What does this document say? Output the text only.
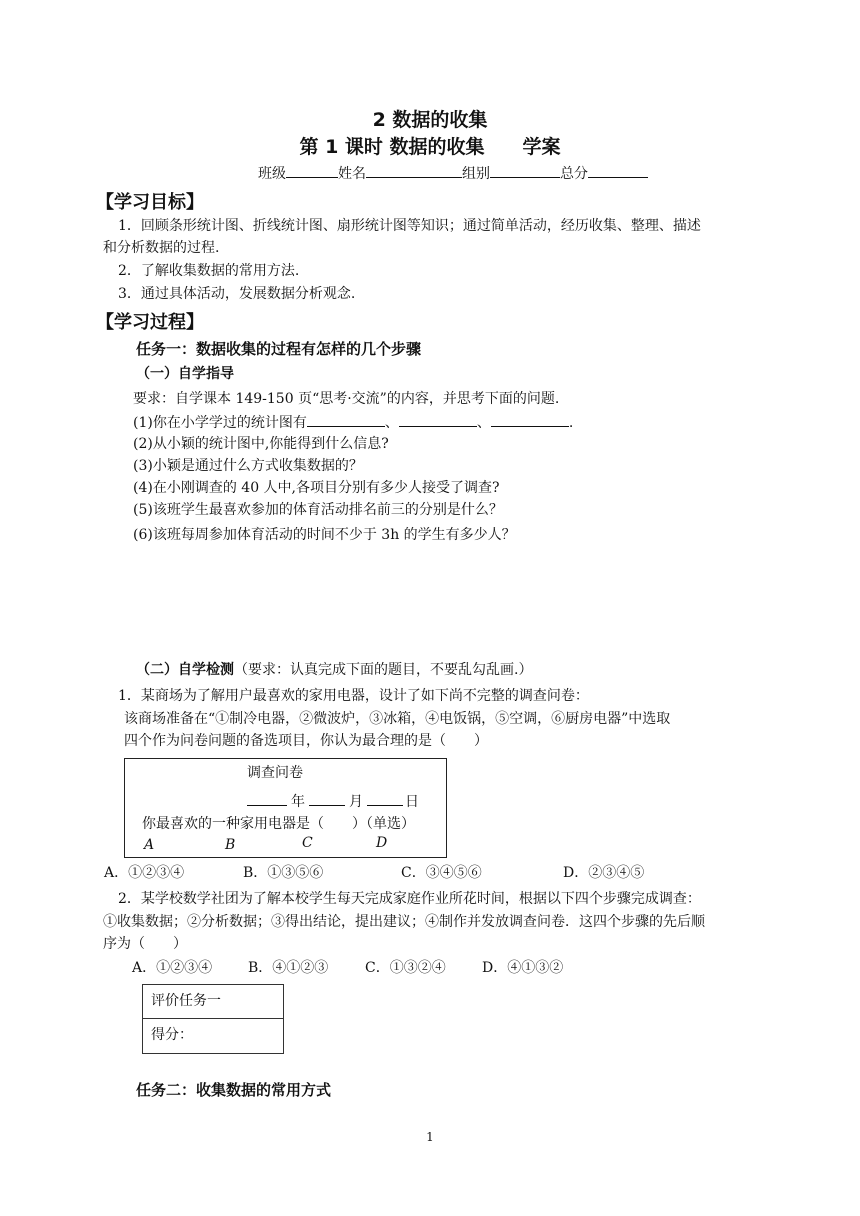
2 数据的收集
第 1 课时 数据的收集　　学案
班级	姓名	组别	总分
【学习目标】
1．回顾条形统计图、折线统计图、扇形统计图等知识；通过简单活动，经历收集、整理、描述
和分析数据的过程.
2．了解收集数据的常用方法.
3．通过具体活动，发展数据分析观念.
【学习过程】
任务一：数据收集的过程有怎样的几个步骤
（一）自学指导
要求：自学课本 149-150 页“思考·交流”的内容，并思考下面的问题.
(1)你在小学学过的统计图有	、	、	.
(2)从小颖的统计图中,你能得到什么信息?
(3)小颖是通过什么方式收集数据的？
(4)在小刚调查的 40 人中,各项目分别有多少人接受了调查?
(5)该班学生最喜欢参加的体育活动排名前三的分别是什么？
(6)该班每周参加体育活动的时间不少于 3h 的学生有多少人？
（二）自学检测（要求：认真完成下面的题目，不要乱勾乱画.）
1．某商场为了解用户最喜欢的家用电器，设计了如下尚不完整的调查问卷：
该商场准备在“①制冷电器，②微波炉，③冰箱，④电饭锅，⑤空调，⑥厨房电器”中选取
四个作为问卷问题的备选项目，你认为最合理的是（　　）
调查问卷
年	月	日
你最喜欢的一种家用电器是（　　）（单选）
A	B	C	D
A．①②③④	B．①③⑤⑥	C．③④⑤⑥	D．②③④⑤
2．某学校数学社团为了解本校学生每天完成家庭作业所花时间，根据以下四个步骤完成调查：
①收集数据；②分析数据；③得出结论，提出建议；④制作并发放调查问卷．这四个步骤的先后顺
序为（　　）
A．①②③④	B．④①②③	C．①③②④	D．④①③②
评价任务一
得分：
任务二：收集数据的常用方式
1
